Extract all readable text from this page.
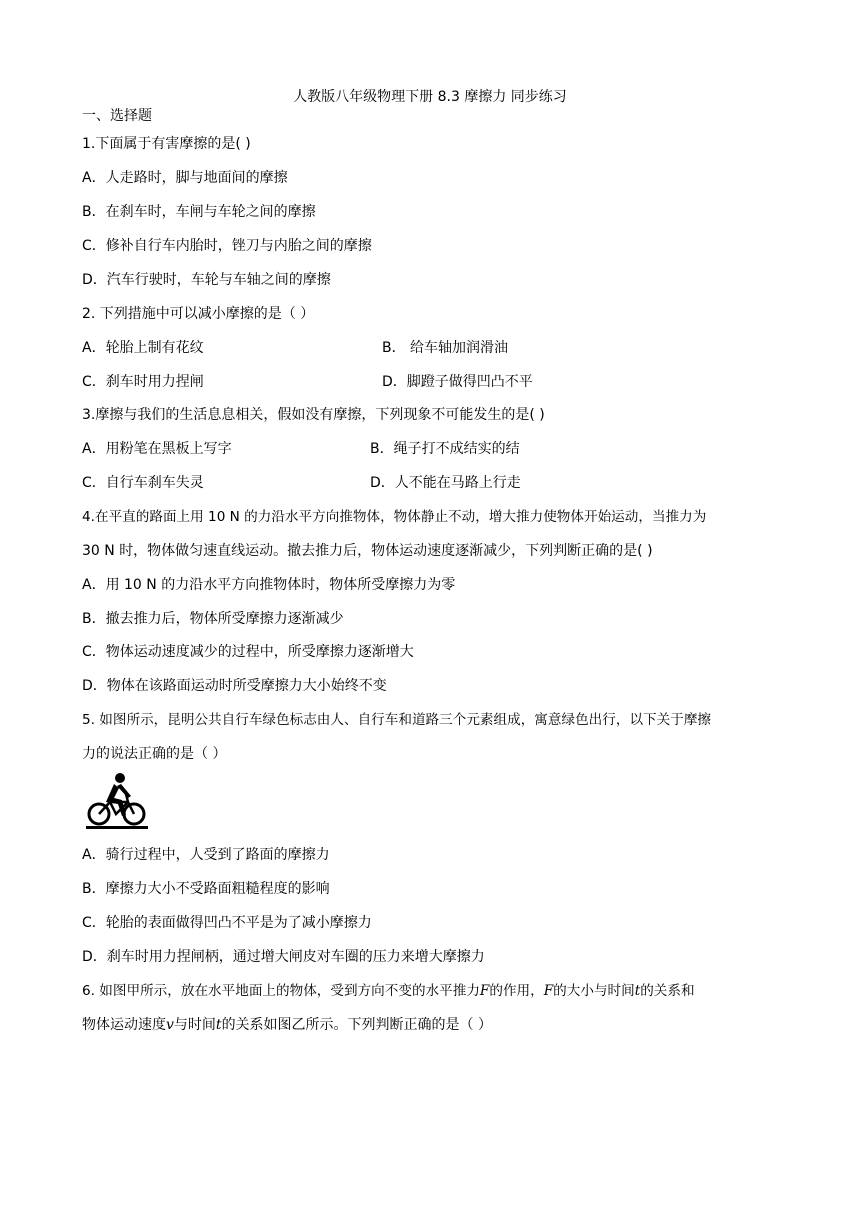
人教版八年级物理下册 8.3 摩擦力 同步练习
一、选择题
1.下面属于有害摩擦的是( )
A．人走路时，脚与地面间的摩擦
B．在刹车时，车闸与车轮之间的摩擦
C．修补自行车内胎时，锉刀与内胎之间的摩擦
D．汽车行驶时，车轮与车轴之间的摩擦
2. 下列措施中可以减小摩擦的是（ ）
A．轮胎上制有花纹	B． 给车轴加润滑油
C．刹车时用力捏闸	D．脚蹬子做得凹凸不平
3.摩擦与我们的生活息息相关，假如没有摩擦，下列现象不可能发生的是( )
A．用粉笔在黑板上写字	B．绳子打不成结实的结
C．自行车刹车失灵	D．人不能在马路上行走
4.在平直的路面上用 10 N 的力沿水平方向推物体，物体静止不动，增大推力使物体开始运动，当推力为
30 N 时，物体做匀速直线运动。撤去推力后，物体运动速度逐渐减少，下列判断正确的是( )
A．用 10 N 的力沿水平方向推物体时，物体所受摩擦力为零
B．撤去推力后，物体所受摩擦力逐渐减少
C．物体运动速度减少的过程中，所受摩擦力逐渐增大
D．物体在该路面运动时所受摩擦力大小始终不变
5. 如图所示，昆明公共自行车绿色标志由人、自行车和道路三个元素组成，寓意绿色出行，以下关于摩擦
力的说法正确的是（ ）
A．骑行过程中，人受到了路面的摩擦力
B．摩擦力大小不受路面粗糙程度的影响
C．轮胎的表面做得凹凸不平是为了减小摩擦力
D．刹车时用力捏闸柄，通过增大闸皮对车圈的压力来增大摩擦力
6. 如图甲所示，放在水平地面上的物体，受到方向不变的水平推力F的作用，F的大小与时间t的关系和
物体运动速度v与时间t的关系如图乙所示。下列判断正确的是（ ）
